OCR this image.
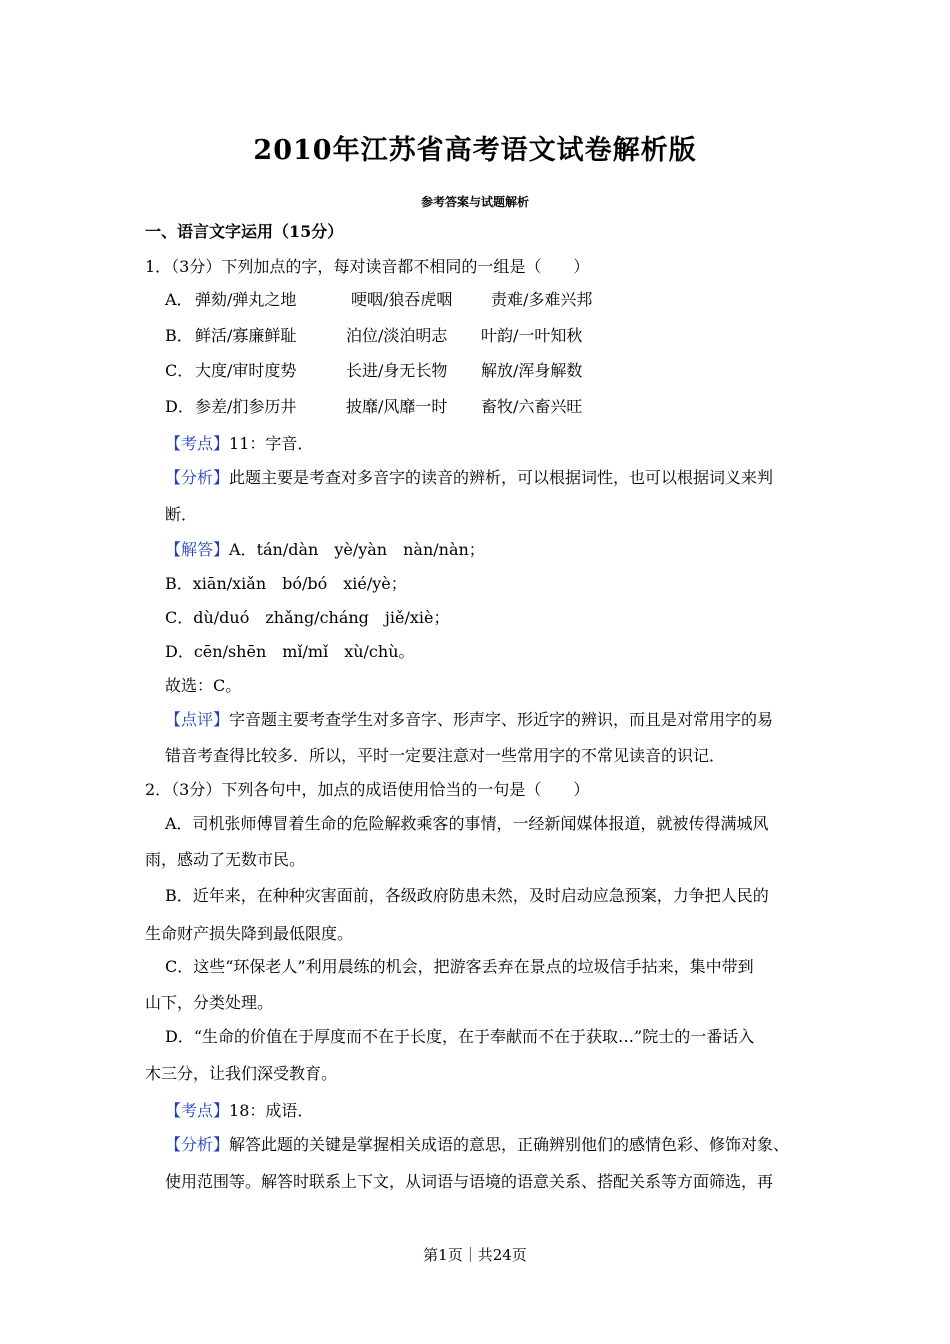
2010年江苏省高考语文试卷解析版
参考答案与试题解析
一、语言文字运用（15分）
1．（3分）下列加点的字，每对读音都不相同的一组是（　　）
A． 弹劾/弹丸之地	哽咽/狼吞虎咽 责难/多难兴邦
B． 鲜活/寡廉鲜耻	泊位/淡泊明志 叶韵/一叶知秋
C． 大度/审时度势	长进/身无长物 解放/浑身解数
D． 参差/扪参历井	披靡/风靡一时 畜牧/六畜兴旺
【考点】11：字音．
【分析】此题主要是考查对多音字的读音的辨析，可以根据词性，也可以根据词义来判
断．
【解答】A．tán/dàn　yè/yàn　nàn/nàn；
B．xiān/xiǎn　bó/bó　xié/yè；
C．dù/duó　zhǎng/cháng　jiě/xiè；
D．cēn/shēn　mǐ/mǐ　xù/chù。
故选：C。
【点评】字音题主要考查学生对多音字、形声字、形近字的辨识，而且是对常用字的易
错音考查得比较多．所以，平时一定要注意对一些常用字的不常见读音的识记．
2．（3分）下列各句中，加点的成语使用恰当的一句是（　　）
A．司机张师傅冒着生命的危险解救乘客的事情，一经新闻媒体报道，就被传得满城风
雨，感动了无数市民。
B．近年来，在种种灾害面前，各级政府防患未然，及时启动应急预案，力争把人民的
生命财产损失降到最低限度。
C．这些“环保老人”利用晨练的机会，把游客丢弃在景点的垃圾信手拈来，集中带到
山下，分类处理。
D．“生命的价值在于厚度而不在于长度，在于奉献而不在于获取…”院士的一番话入
木三分，让我们深受教育。
【考点】18：成语．
【分析】解答此题的关键是掌握相关成语的意思，正确辨别他们的感情色彩、修饰对象、
使用范围等。解答时联系上下文，从词语与语境的语意关系、搭配关系等方面筛选，再
第1页｜共24页
